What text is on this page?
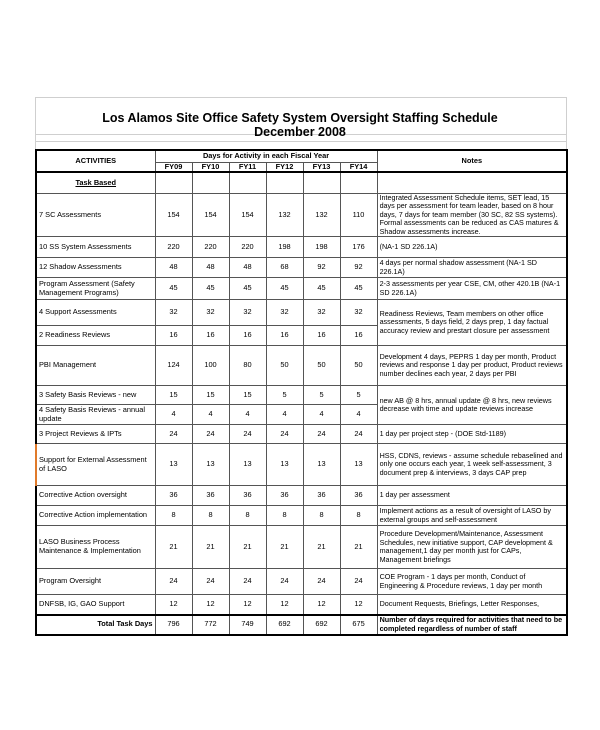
Los Alamos Site Office Safety System Oversight Staffing Schedule
December 2008
ACTIVITIES	Days for Activity in each Fiscal Year						Notes
	FY09	FY10	FY11	FY12	FY13	FY14	
Task Based							
7 SC Assessments	154	154	154	132	132	110	Integrated Assessment Schedule items, SET lead, 15 days per assessment for team leader, based on 8 hour days, 7 days for team member (30 SC, 82 SS systems). Formal assessments can be reduced as CAS matures & Shadow assessments increase.
10 SS System Assessments	220	220	220	198	198	176	(NA-1 SD 226.1A)
12 Shadow Assessments	48	48	48	68	92	92	4 days per normal shadow assessment (NA-1 SD 226.1A)
Program Assessment (Safety Management Programs)	45	45	45	45	45	45	2-3 assessments per year CSE, CM, other 420.1B (NA-1 SD 226.1A)
4 Support Assessments	32	32	32	32	32	32	Readiness Reviews, Team members on other office assessments, 5 days field, 2 days prep, 1 day factual accuracy review and prestart closure per assessment
2 Readiness Reviews	16	16	16	16	16	16	
PBI Management	124	100	80	50	50	50	Development 4 days, PEPRS 1 day per month, Product reviews and response 1 day per product, Product reviews number declines each year, 2 days per PBI
3 Safety Basis Reviews - new	15	15	15	5	5	5	new AB @ 8 hrs, annual update @ 8 hrs, new reviews decrease with time and update reviews increase
4 Safety Basis Reviews - annual update	4	4	4	4	4	4	
3 Project Reviews & IPTs	24	24	24	24	24	24	1 day per project step - (DOE Std-1189)
Support for External Assessment of LASO	13	13	13	13	13	13	HSS, CDNS, reviews - assume schedule rebaselined and only one occurs each year, 1 week self-assessment, 3 document prep & interviews, 3 days CAP prep
Corrective Action oversight	36	36	36	36	36	36	1 day per assessment
Corrective Action implementation	8	8	8	8	8	8	Implement actions as a result of oversight of LASO by external groups and self-assessment
LASO Business Process Maintenance & Implementation	21	21	21	21	21	21	Procedure Development/Maintenance, Assessment Schedules, new initiative support, CAP development & management,1 day per month just for CAPs, Management briefings
Program Oversight	24	24	24	24	24	24	COE Program - 1 days per month, Conduct of Engineering & Procedure reviews, 1 day per month
DNFSB, IG, GAO Support	12	12	12	12	12	12	Document Requests, Briefings, Letter Responses,
Total Task Days	796	772	749	692	692	675	Number of days required for activities that need to be completed regardless of number of staff
